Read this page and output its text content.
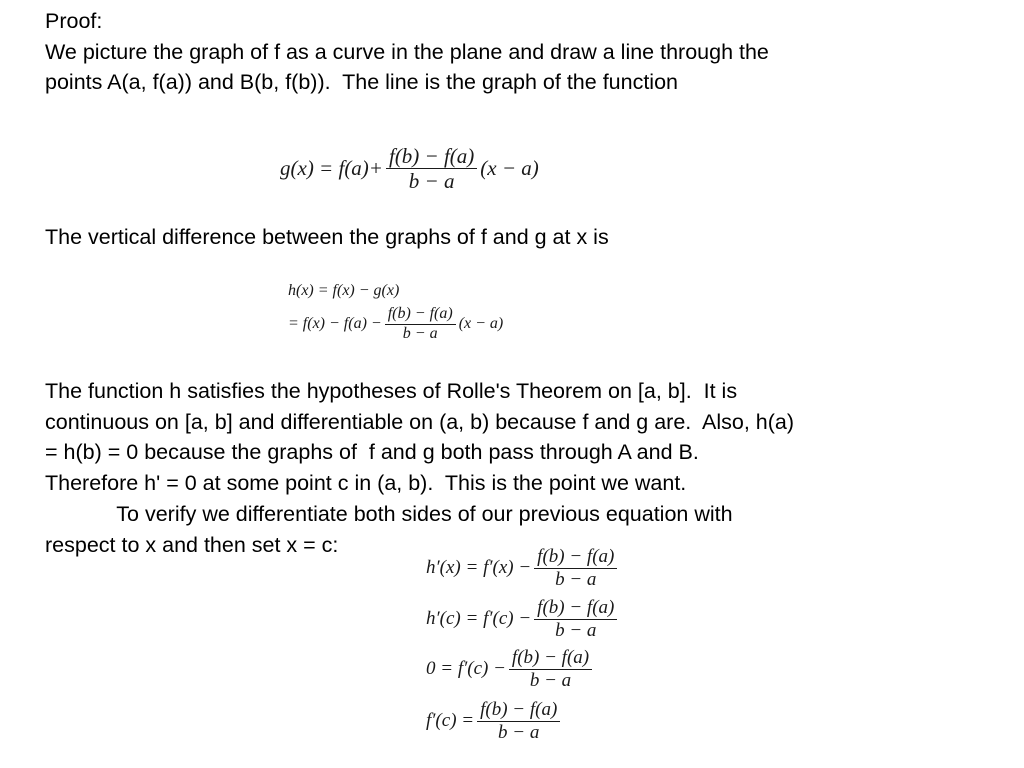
Proof:
We picture the graph of f as a curve in the plane and draw a line through the
points A(a, f(a)) and B(b, f(b)).  The line is the graph of the function
$g(x) = f(a)+ \frac{f(b) - f(a)}{b - a} (x - a)$
The vertical difference between the graphs of f and g at x is
h(x) = f(x) − g(x)
= $f(x) - f(a) - \frac{f(b) - f(a)}{b - a} (x - a)$
The function h satisfies the hypotheses of Rolle's Theorem on [a, b].  It is
continuous on [a, b] and differentiable on (a, b) because f and g are.  Also, h(a)
= h(b) = 0 because the graphs of  f and g both pass through A and B.
Therefore h' = 0 at some point c in (a, b).  This is the point we want.
To verify we differentiate both sides of our previous equation with
respect to x and then set x = c:
$h'(x) = f'(x) - \frac{f(b) - f(a)}{b - a}$
$h'(c) = f'(c) - \frac{f(b) - f(a)}{b - a}$
$0 = f'(c) - \frac{f(b) - f(a)}{b - a}$
$f'(c) = \frac{f(b) - f(a)}{b - a}$
